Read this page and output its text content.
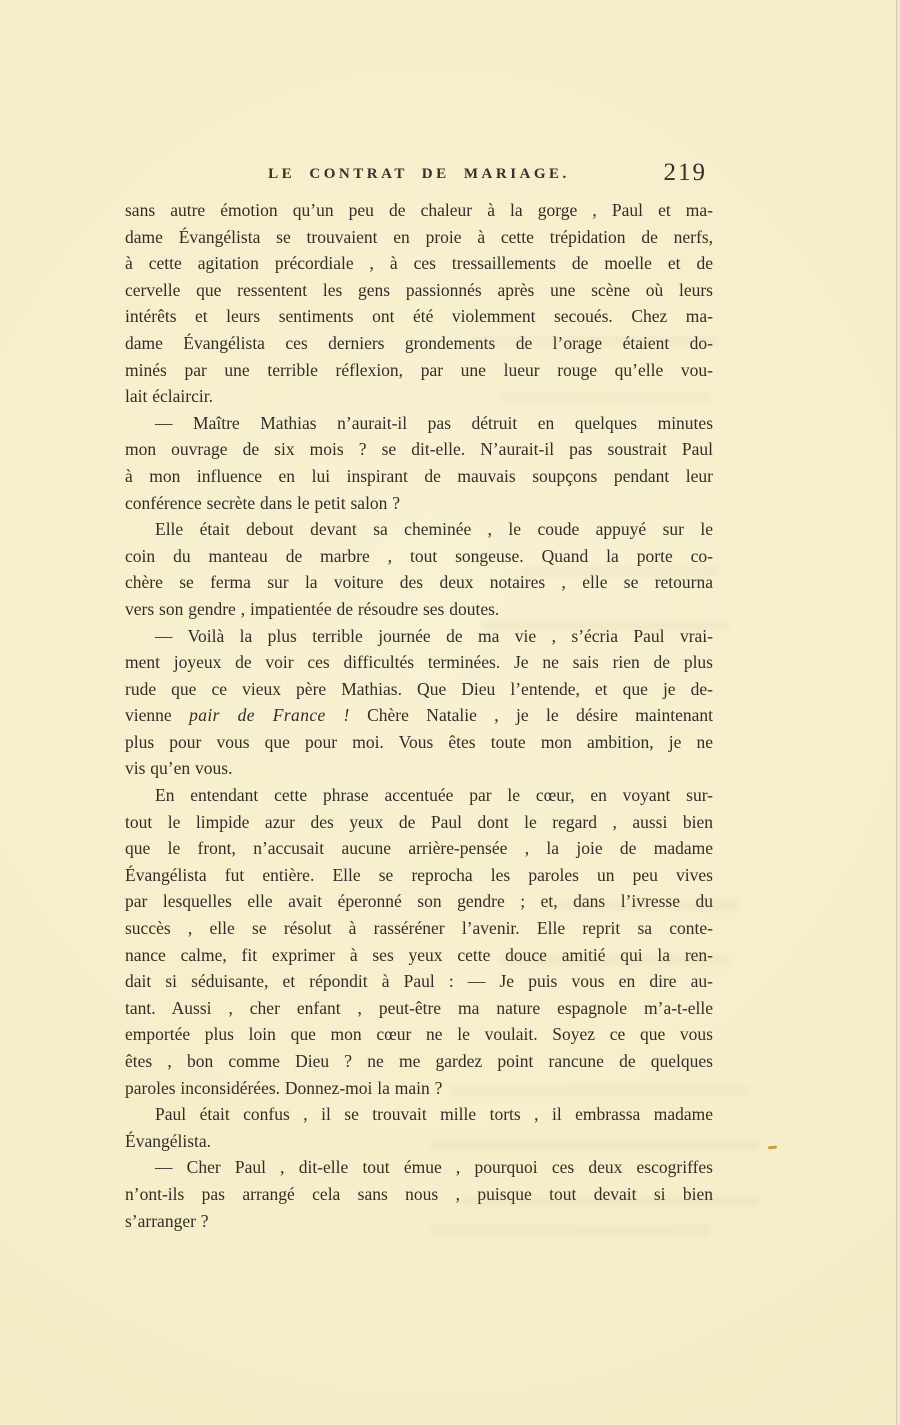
LE CONTRAT DE MARIAGE.	219
sans autre émotion qu’un peu de chaleur à la gorge , Paul et ma-
dame Évangélista se trouvaient en proie à cette trépidation de nerfs,
à cette agitation précordiale , à ces tressaillements de moelle et de
cervelle que ressentent les gens passionnés après une scène où leurs
intérêts et leurs sentiments ont été violemment secoués. Chez ma-
dame Évangélista ces derniers grondements de l’orage étaient do-
minés par une terrible réflexion, par une lueur rouge qu’elle vou-
lait éclaircir.
— Maître Mathias n’aurait-il pas détruit en quelques minutes
mon ouvrage de six mois ? se dit-elle. N’aurait-il pas soustrait Paul
à mon influence en lui inspirant de mauvais soupçons pendant leur
conférence secrète dans le petit salon ?
Elle était debout devant sa cheminée , le coude appuyé sur le
coin du manteau de marbre , tout songeuse. Quand la porte co-
chère se ferma sur la voiture des deux notaires , elle se retourna
vers son gendre , impatientée de résoudre ses doutes.
— Voilà la plus terrible journée de ma vie , s’écria Paul vrai-
ment joyeux de voir ces difficultés terminées. Je ne sais rien de plus
rude que ce vieux père Mathias. Que Dieu l’entende, et que je de-
vienne pair de France ! Chère Natalie , je le désire maintenant
plus pour vous que pour moi. Vous êtes toute mon ambition, je ne
vis qu’en vous.
En entendant cette phrase accentuée par le cœur, en voyant sur-
tout le limpide azur des yeux de Paul dont le regard , aussi bien
que le front, n’accusait aucune arrière-pensée , la joie de madame
Évangélista fut entière. Elle se reprocha les paroles un peu vives
par lesquelles elle avait éperonné son gendre ; et, dans l’ivresse du
succès , elle se résolut à rasséréner l’avenir. Elle reprit sa conte-
nance calme, fit exprimer à ses yeux cette douce amitié qui la ren-
dait si séduisante, et répondit à Paul : — Je puis vous en dire au-
tant. Aussi , cher enfant , peut-être ma nature espagnole m’a-t-elle
emportée plus loin que mon cœur ne le voulait. Soyez ce que vous
êtes , bon comme Dieu ? ne me gardez point rancune de quelques
paroles inconsidérées. Donnez-moi la main ?
Paul était confus , il se trouvait mille torts , il embrassa madame
Évangélista.
— Cher Paul , dit-elle tout émue , pourquoi ces deux escogriffes
n’ont-ils pas arrangé cela sans nous , puisque tout devait si bien
s’arranger ?
